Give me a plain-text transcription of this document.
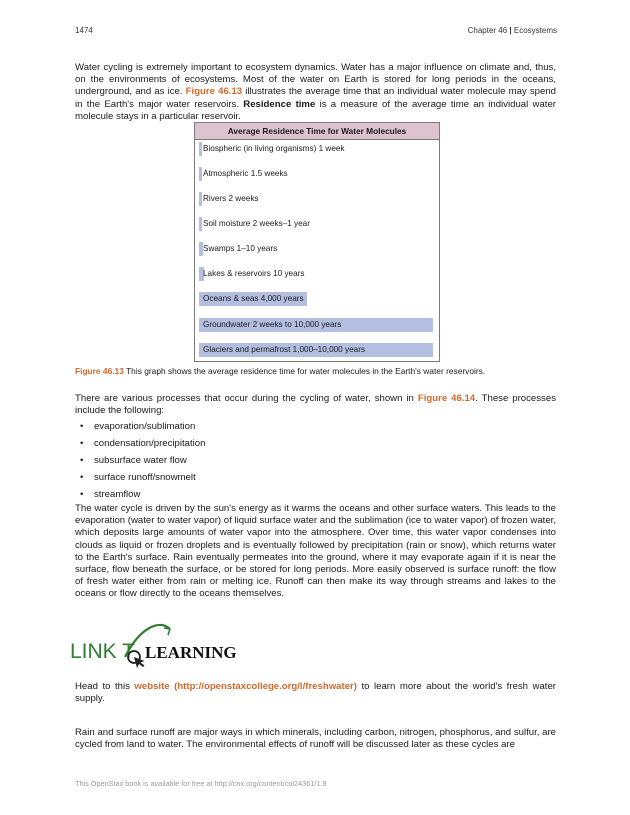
1474	Chapter 46 | Ecosystems

Water cycling is extremely important to ecosystem dynamics. Water has a major influence on climate and, thus, on the environments of ecosystems. Most of the water on Earth is stored for long periods in the oceans, underground, and as ice. Figure 46.13 illustrates the average time that an individual water molecule may spend in the Earth's major water reservoirs. Residence time is a measure of the average time an individual water molecule stays in a particular reservoir.

Average Residence Time for Water Molecules
Biospheric (in living organisms) 1 week
Atmospheric 1.5 weeks
Rivers 2 weeks
Soil moisture 2 weeks–1 year
Swamps 1–10 years
Lakes & reservoirs 10 years
Oceans & seas 4,000 years
Groundwater 2 weeks to 10,000 years
Glaciers and permafrost 1,000–10,000 years
Figure 46.13 This graph shows the average residence time for water molecules in the Earth's water reservoirs.

There are various processes that occur during the cycling of water, shown in Figure 46.14. These processes include the following:

• evaporation/sublimation
• condensation/precipitation
• subsurface water flow
• surface runoff/snowmelt
• streamflow

The water cycle is driven by the sun's energy as it warms the oceans and other surface waters. This leads to the evaporation (water to water vapor) of liquid surface water and the sublimation (ice to water vapor) of frozen water, which deposits large amounts of water vapor into the atmosphere. Over time, this water vapor condenses into clouds as liquid or frozen droplets and is eventually followed by precipitation (rain or snow), which returns water to the Earth's surface. Rain eventually permeates into the ground, where it may evaporate again if it is near the surface, flow beneath the surface, or be stored for long periods. More easily observed is surface runoff: the flow of fresh water either from rain or melting ice. Runoff can then make its way through streams and lakes to the oceans or flow directly to the oceans themselves.

LINK T LEARNING

Head to this website (http://openstaxcollege.org/l/freshwater) to learn more about the world's fresh water supply.

Rain and surface runoff are major ways in which minerals, including carbon, nitrogen, phosphorus, and sulfur, are cycled from land to water. The environmental effects of runoff will be discussed later as these cycles are

This OpenStax book is available for free at http://cnx.org/content/col24361/1.8
